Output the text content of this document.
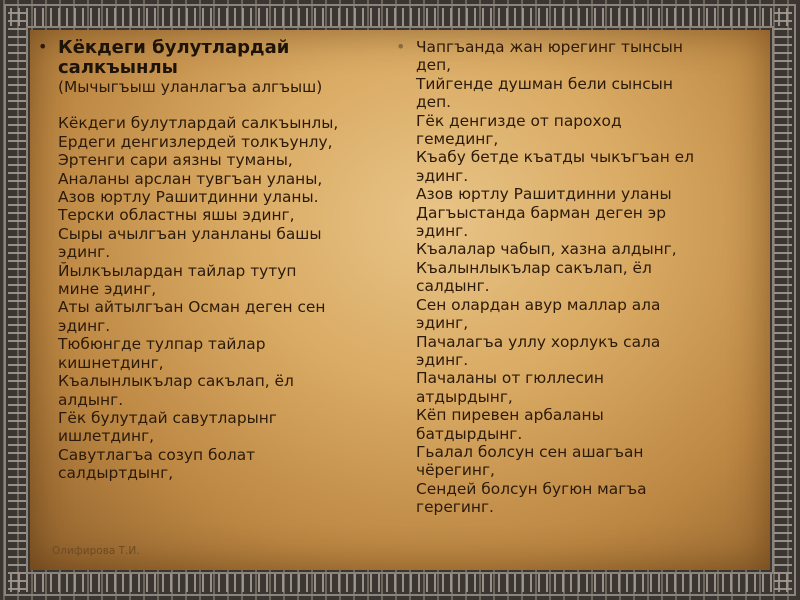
• Кёкдеги булутлардай
салкъынлы

(Мычыгъыш уланлагъа алгъыш)

Кёкдеги булутлардай салкъынлы,
Ердеги денгизлердей толкъунлу,
Эртенги сари аязны туманы,
Аналаны арслан тувгъан уланы,
Азов юртлу Рашитдинни уланы.
Терски областны яшы эдинг,
Сыры ачылгъан уланланы башы
эдинг.
Йылкъылардан тайлар тутуп
мине эдинг,
Аты айтылгъан Осман деген сен
эдинг.
Тюбюнгде тулпар тайлар
кишнетдинг,
Къалынлыкълар сакълап, ёл
алдынг.
Гёк булутдай савутларынг
ишлетдинг,
Савутлагъа созуп болат
салдыртдынг,
• Чапгъанда жан юрегинг тынсын
деп,
Тийгенде душман бели сынсын
деп.
Гёк денгизде от пароход
гемединг,
Къабу бетде къатды чыкъгъан ел
эдинг.
Азов юртлу Рашитдинни уланы
Дагъыстанда барман деген эр
эдинг.
Къалалар чабып, хазна алдынг,
Къалынлыкълар сакълап, ёл
салдынг.
Сен олардан авур маллар ала
эдинг,
Пачалагъа уллу хорлукъ сала
эдинг.
Пачаланы от гюллесин
атдырдынг,
Кёп пиревен арбаланы
батдырдынг.
Гьалал болсун сен ашагъан
чёрегинг,
Сендей болсун бугюн магъа
герегинг.
Олифирова Т.И.
